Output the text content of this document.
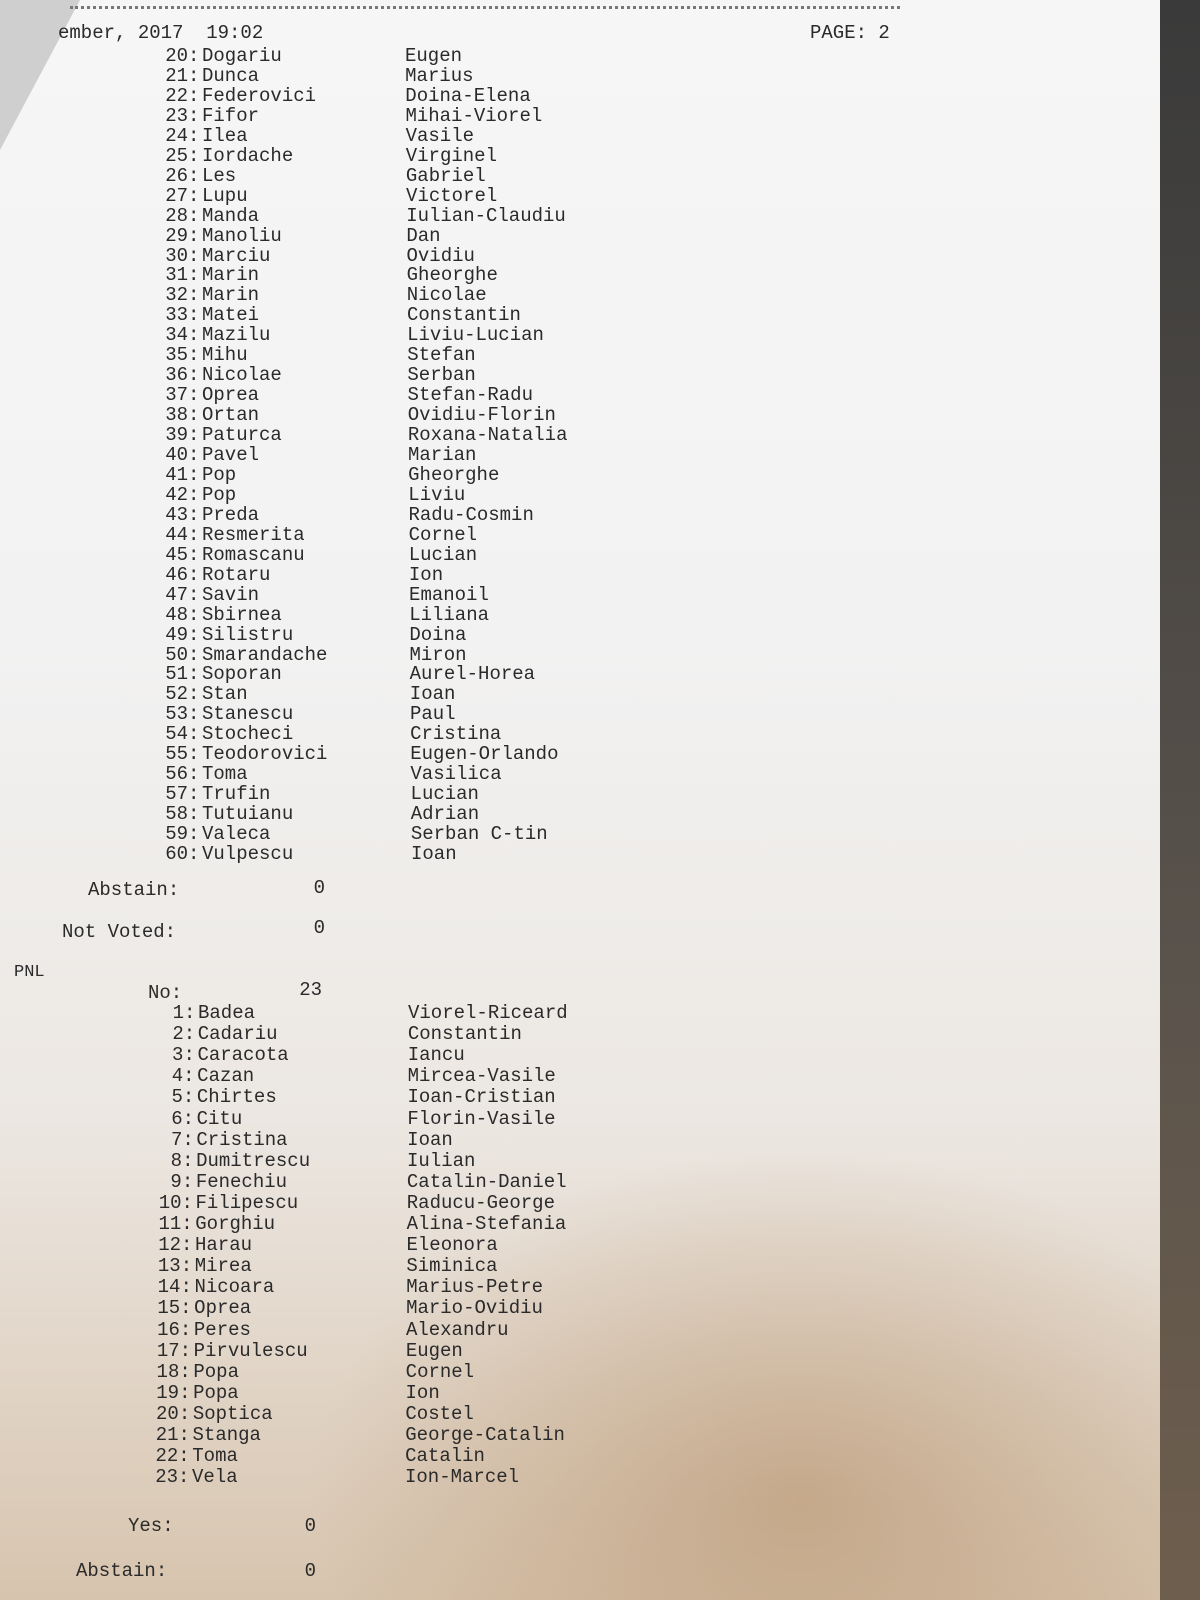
ember, 2017  19:02	PAGE: 2
20 : Dogariu	Eugen
21 : Dunca	Marius
22 : Federovici	Doina-Elena
23 : Fifor	Mihai-Viorel
24 : Ilea	Vasile
25 : Iordache	Virginel
26 : Les	Gabriel
27 : Lupu	Victorel
28 : Manda	Iulian-Claudiu
29 : Manoliu	Dan
30 : Marciu	Ovidiu
31 : Marin	Gheorghe
32 : Marin	Nicolae
33 : Matei	Constantin
34 : Mazilu	Liviu-Lucian
35 : Mihu	Stefan
36 : Nicolae	Serban
37 : Oprea	Stefan-Radu
38 : Ortan	Ovidiu-Florin
39 : Paturca	Roxana-Natalia
40 : Pavel	Marian
41 : Pop	Gheorghe
42 : Pop	Liviu
43 : Preda	Radu-Cosmin
44 : Resmerita	Cornel
45 : Romascanu	Lucian
46 : Rotaru	Ion
47 : Savin	Emanoil
48 : Sbirnea	Liliana
49 : Silistru	Doina
50 : Smarandache	Miron
51 : Soporan	Aurel-Horea
52 : Stan	Ioan
53 : Stanescu	Paul
54 : Stocheci	Cristina
55 : Teodorovici	Eugen-Orlando
56 : Toma	Vasilica
57 : Trufin	Lucian
58 : Tutuianu	Adrian
59 : Valeca	Serban C-tin
60 : Vulpescu	Ioan
Abstain:	0
Not Voted:	0
PNL
No:	23
1 : Badea	Viorel-Riceard
2 : Cadariu	Constantin
3 : Caracota	Iancu
4 : Cazan	Mircea-Vasile
5 : Chirtes	Ioan-Cristian
6 : Citu	Florin-Vasile
7 : Cristina	Ioan
8 : Dumitrescu	Iulian
9 : Fenechiu	Catalin-Daniel
10 : Filipescu	Raducu-George
11 : Gorghiu	Alina-Stefania
12 : Harau	Eleonora
13 : Mirea	Siminica
14 : Nicoara	Marius-Petre
15 : Oprea	Mario-Ovidiu
16 : Peres	Alexandru
17 : Pirvulescu	Eugen
18 : Popa	Cornel
19 : Popa	Ion
20 : Soptica	Costel
21 : Stanga	George-Catalin
22 : Toma	Catalin
23 : Vela	Ion-Marcel
Yes:	0
Abstain:	0
